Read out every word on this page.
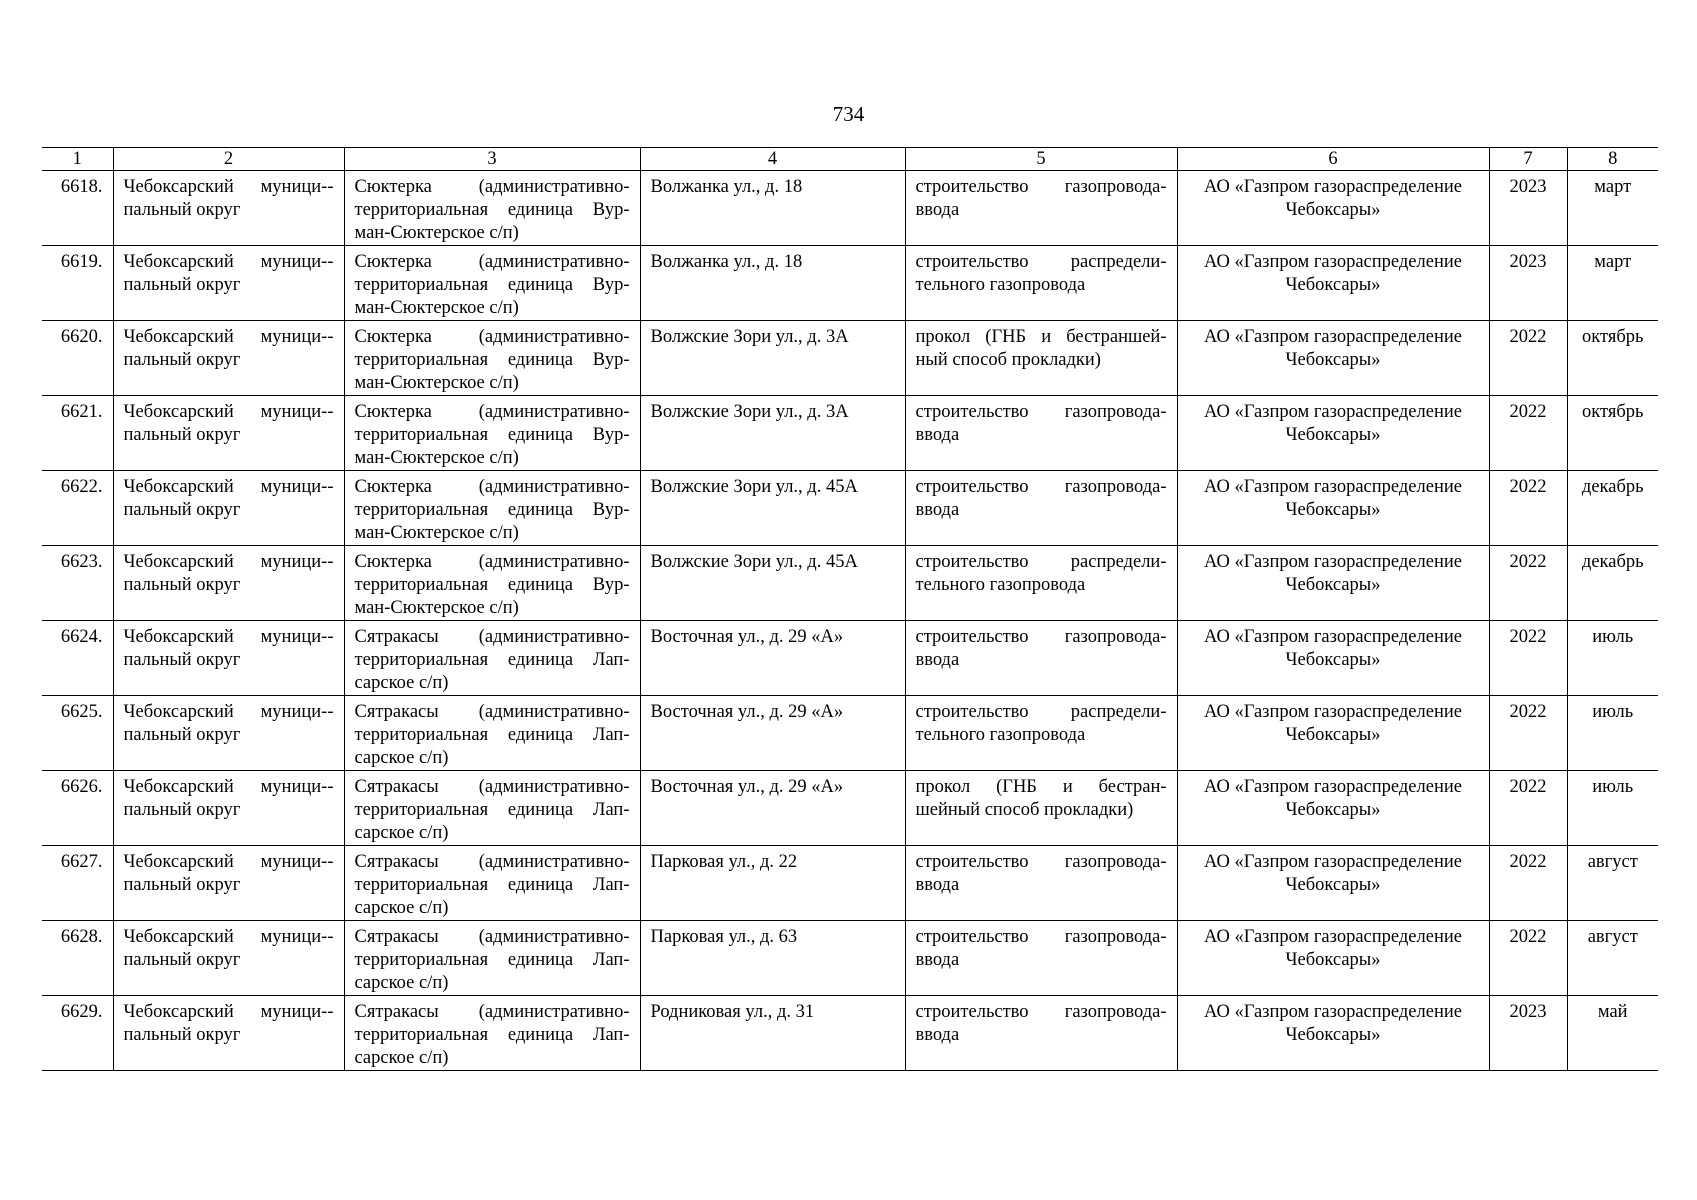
734
1	2	3	4	5	6	7	8
6618.	Чебоксарский муници-пальный округ	Сюктерка (административно-территориальная единица Вур-ман-Сюктерское с/п)	Волжанка ул., д. 18	строительство газопровода-ввода	АО «Газпром газораспределение Чебоксары»	2023	март
6619.	Чебоксарский муници-пальный округ	Сюктерка (административно-территориальная единица Вур-ман-Сюктерское с/п)	Волжанка ул., д. 18	строительство распредели-тельного газопровода	АО «Газпром газораспределение Чебоксары»	2023	март
6620.	Чебоксарский муници-пальный округ	Сюктерка (административно-территориальная единица Вур-ман-Сюктерское с/п)	Волжские Зори ул., д. 3А	прокол (ГНБ и бестраншей-ный способ прокладки)	АО «Газпром газораспределение Чебоксары»	2022	октябрь
6621.	Чебоксарский муници-пальный округ	Сюктерка (административно-территориальная единица Вур-ман-Сюктерское с/п)	Волжские Зори ул., д. 3А	строительство газопровода-ввода	АО «Газпром газораспределение Чебоксары»	2022	октябрь
6622.	Чебоксарский муници-пальный округ	Сюктерка (административно-территориальная единица Вур-ман-Сюктерское с/п)	Волжские Зори ул., д. 45А	строительство газопровода-ввода	АО «Газпром газораспределение Чебоксары»	2022	декабрь
6623.	Чебоксарский муници-пальный округ	Сюктерка (административно-территориальная единица Вур-ман-Сюктерское с/п)	Волжские Зори ул., д. 45А	строительство распредели-тельного газопровода	АО «Газпром газораспределение Чебоксары»	2022	декабрь
6624.	Чебоксарский муници-пальный округ	Сятракасы (административно-территориальная единица Лап-сарское с/п)	Восточная ул., д. 29 «А»	строительство газопровода-ввода	АО «Газпром газораспределение Чебоксары»	2022	июль
6625.	Чебоксарский муници-пальный округ	Сятракасы (административно-территориальная единица Лап-сарское с/п)	Восточная ул., д. 29 «А»	строительство распредели-тельного газопровода	АО «Газпром газораспределение Чебоксары»	2022	июль
6626.	Чебоксарский муници-пальный округ	Сятракасы (административно-территориальная единица Лап-сарское с/п)	Восточная ул., д. 29 «А»	прокол (ГНБ и бестран-шейный способ прокладки)	АО «Газпром газораспределение Чебоксары»	2022	июль
6627.	Чебоксарский муници-пальный округ	Сятракасы (административно-территориальная единица Лап-сарское с/п)	Парковая ул., д. 22	строительство газопровода-ввода	АО «Газпром газораспределение Чебоксары»	2022	август
6628.	Чебоксарский муници-пальный округ	Сятракасы (административно-территориальная единица Лап-сарское с/п)	Парковая ул., д. 63	строительство газопровода-ввода	АО «Газпром газораспределение Чебоксары»	2022	август
6629.	Чебоксарский муници-пальный округ	Сятракасы (административно-территориальная единица Лап-сарское с/п)	Родниковая ул., д. 31	строительство газопровода-ввода	АО «Газпром газораспределение Чебоксары»	2023	май
